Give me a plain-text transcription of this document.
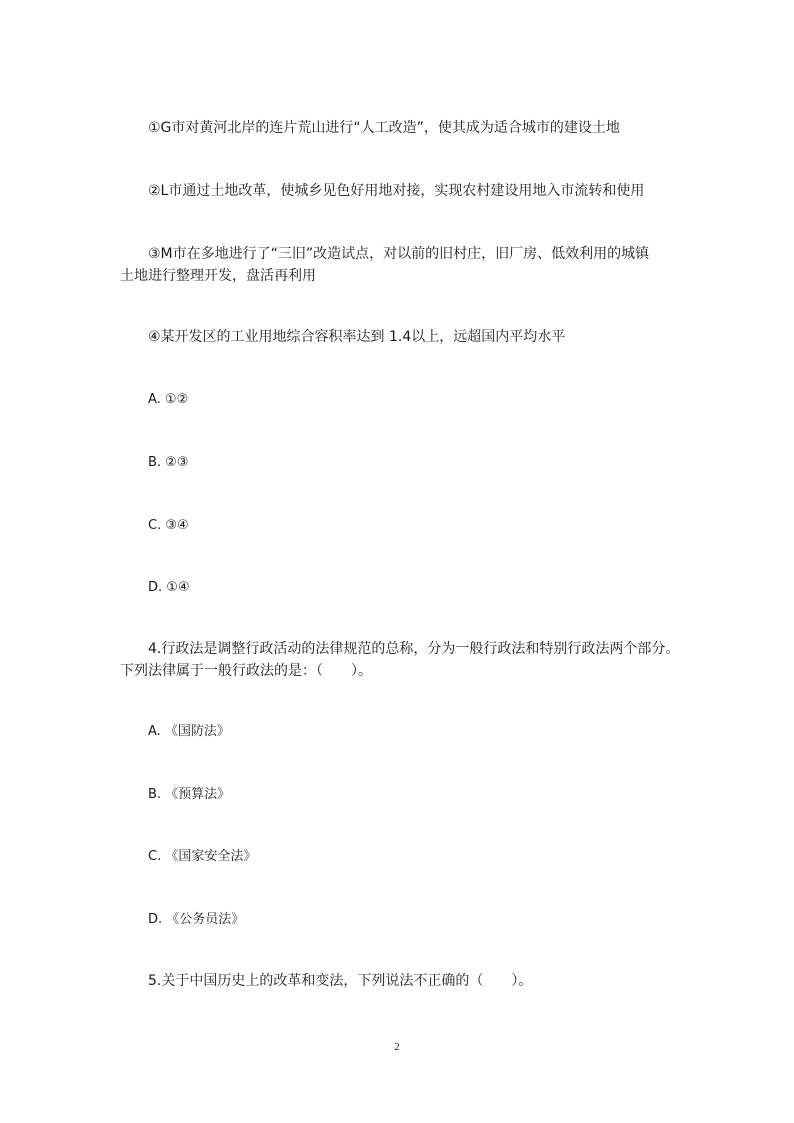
①G市对黄河北岸的连片荒山进行“人工改造”，使其成为适合城市的建设土地
②L市通过土地改革，使城乡见色好用地对接，实现农村建设用地入市流转和使用
③M市在多地进行了“三旧”改造试点，对以前的旧村庄，旧厂房、低效利用的城镇
土地进行整理开发，盘活再利用
④某开发区的工业用地综合容积率达到 1.4以上，远超国内平均水平
A. ①②
B. ②③
C. ③④
D. ①④
4.行政法是调整行政活动的法律规范的总称，分为一般行政法和特别行政法两个部分。
下列法律属于一般行政法的是：（　　）。
A. 《国防法》
B. 《预算法》
C. 《国家安全法》
D. 《公务员法》
5.关于中国历史上的改革和变法，下列说法不正确的（　　）。
2
